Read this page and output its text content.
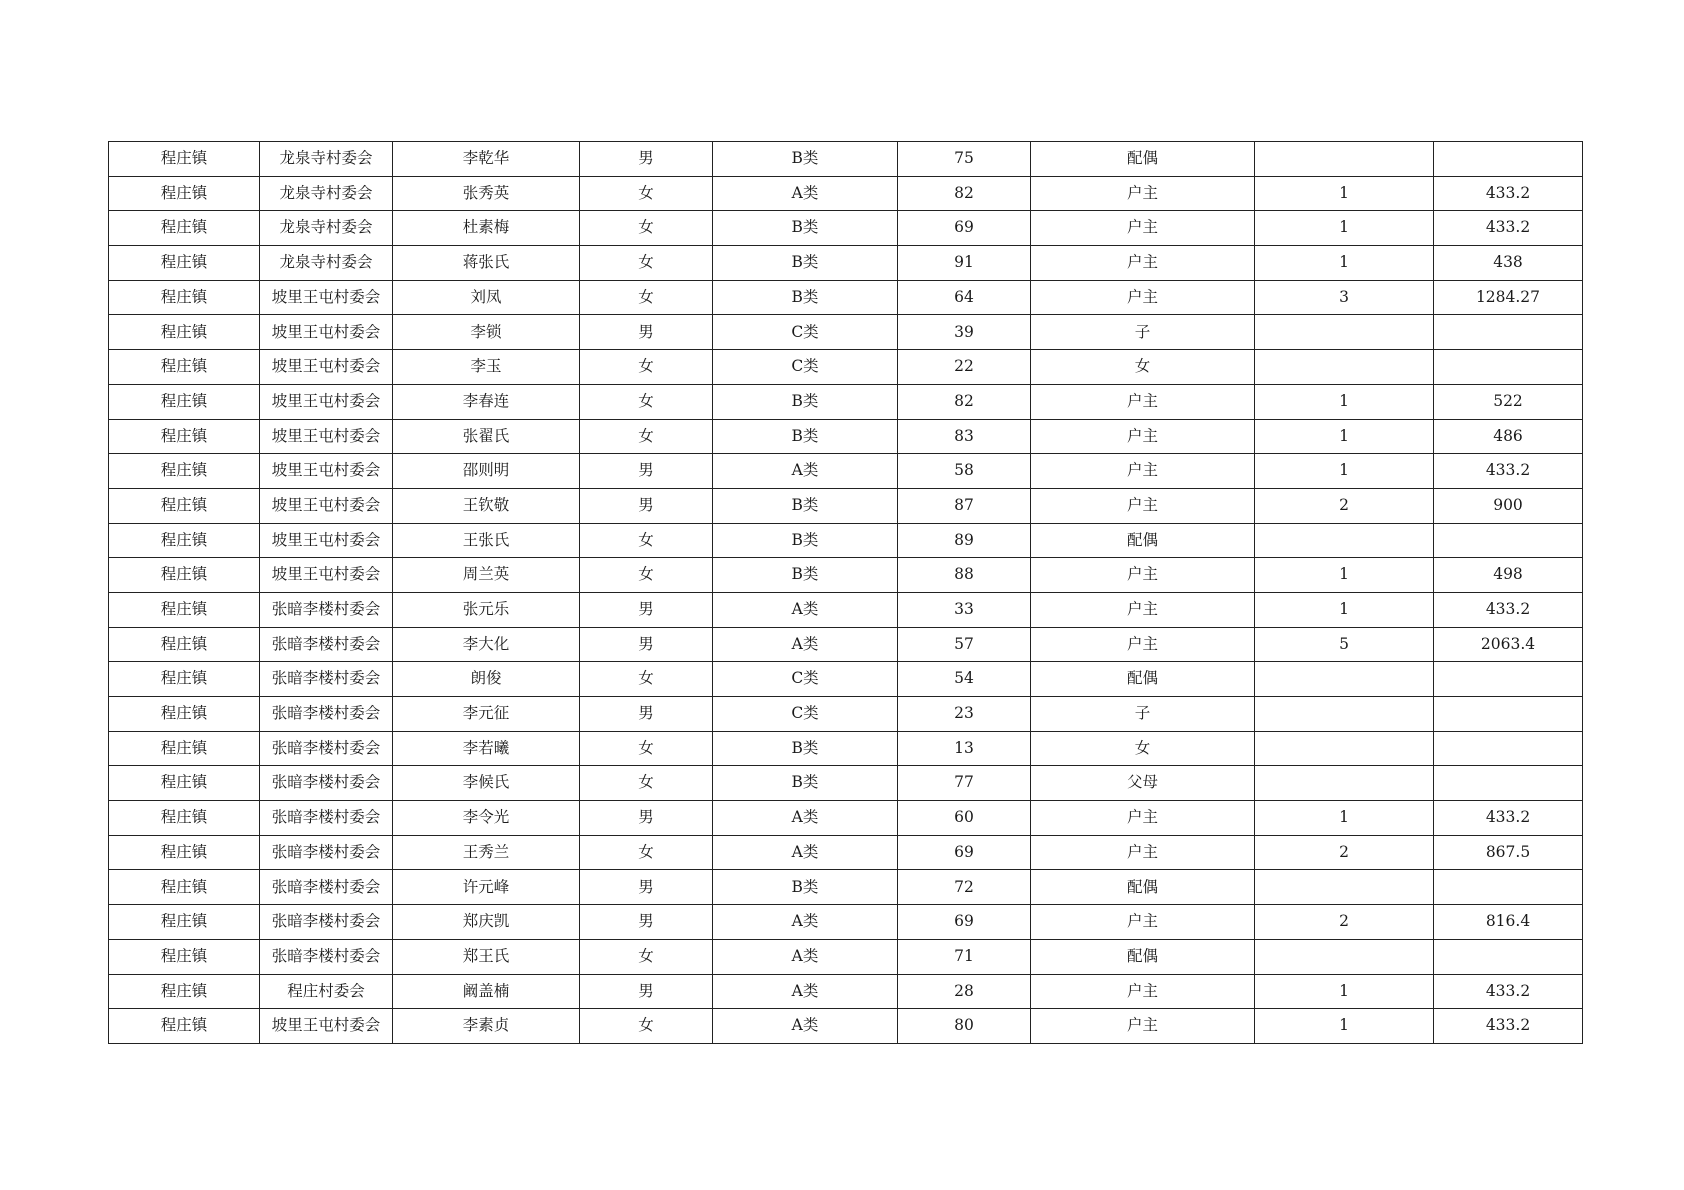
程庄镇	龙泉寺村委会	李乾华	男	B类	75	配偶		
程庄镇	龙泉寺村委会	张秀英	女	A类	82	户主	1	433.2
程庄镇	龙泉寺村委会	杜素梅	女	B类	69	户主	1	433.2
程庄镇	龙泉寺村委会	蒋张氏	女	B类	91	户主	1	438
程庄镇	坡里王屯村委会	刘凤	女	B类	64	户主	3	1284.27
程庄镇	坡里王屯村委会	李锁	男	C类	39	子		
程庄镇	坡里王屯村委会	李玉	女	C类	22	女		
程庄镇	坡里王屯村委会	李春连	女	B类	82	户主	1	522
程庄镇	坡里王屯村委会	张翟氏	女	B类	83	户主	1	486
程庄镇	坡里王屯村委会	邵则明	男	A类	58	户主	1	433.2
程庄镇	坡里王屯村委会	王钦敬	男	B类	87	户主	2	900
程庄镇	坡里王屯村委会	王张氏	女	B类	89	配偶		
程庄镇	坡里王屯村委会	周兰英	女	B类	88	户主	1	498
程庄镇	张暗李楼村委会	张元乐	男	A类	33	户主	1	433.2
程庄镇	张暗李楼村委会	李大化	男	A类	57	户主	5	2063.4
程庄镇	张暗李楼村委会	朗俊	女	C类	54	配偶		
程庄镇	张暗李楼村委会	李元征	男	C类	23	子		
程庄镇	张暗李楼村委会	李若曦	女	B类	13	女		
程庄镇	张暗李楼村委会	李候氏	女	B类	77	父母		
程庄镇	张暗李楼村委会	李令光	男	A类	60	户主	1	433.2
程庄镇	张暗李楼村委会	王秀兰	女	A类	69	户主	2	867.5
程庄镇	张暗李楼村委会	许元峰	男	B类	72	配偶		
程庄镇	张暗李楼村委会	郑庆凯	男	A类	69	户主	2	816.4
程庄镇	张暗李楼村委会	郑王氏	女	A类	71	配偶		
程庄镇	程庄村委会	阚盖楠	男	A类	28	户主	1	433.2
程庄镇	坡里王屯村委会	李素贞	女	A类	80	户主	1	433.2
